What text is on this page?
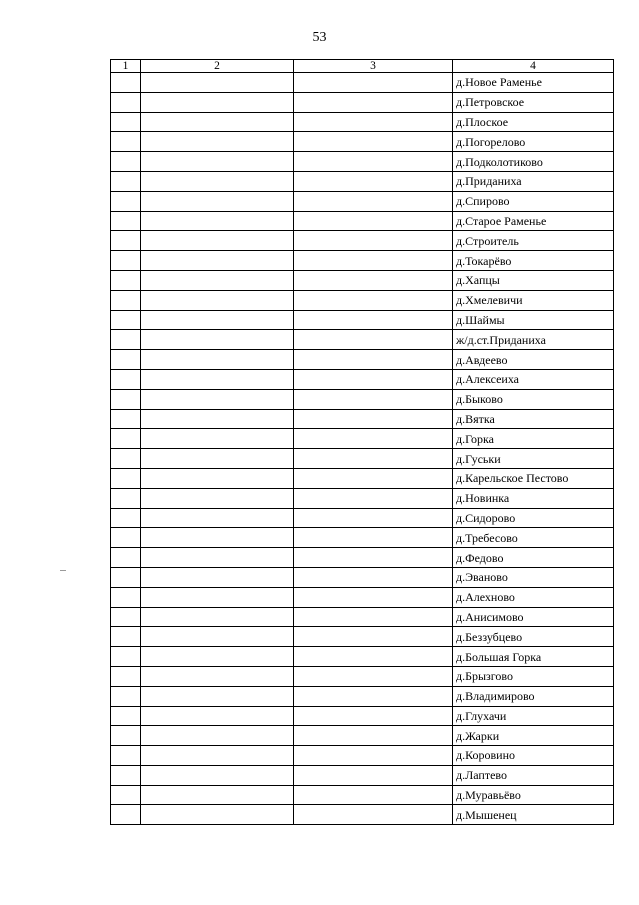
53
1	2	3	4
			д.Новое Раменье
			д.Петровское
			д.Плоское
			д.Погорелово
			д.Подколотиково
			д.Приданиха
			д.Спирово
			д.Старое Раменье
			д.Строитель
			д.Токарёво
			д.Хапцы
			д.Хмелевичи
			д.Шаймы
			ж/д.ст.Приданиха
			д.Авдеево
			д.Алексеиха
			д.Быково
			д.Вятка
			д.Горка
			д.Гуськи
			д.Карельское Пестово
			д.Новинка
			д.Сидорово
			д.Требесово
			д.Федово
			д.Эваново
			д.Алехново
			д.Анисимово
			д.Беззубцево
			д.Большая Горка
			д.Брызгово
			д.Владимирово
			д.Глухачи
			д.Жарки
			д.Коровино
			д.Лаптево
			д.Муравьёво
			д.Мышенец
